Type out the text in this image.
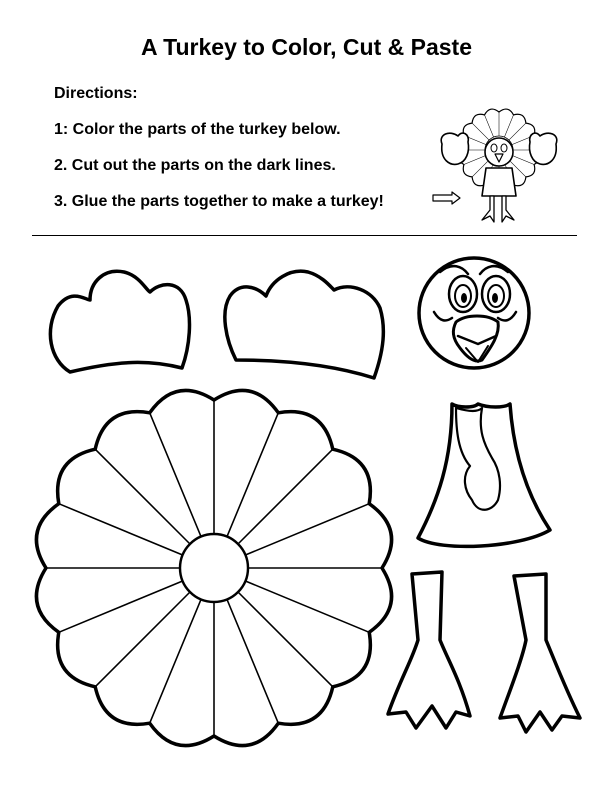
A Turkey to Color, Cut & Paste
Directions:
1: Color the parts of the turkey below.
2. Cut out the parts on the dark lines.
3. Glue the parts together to make a turkey!
